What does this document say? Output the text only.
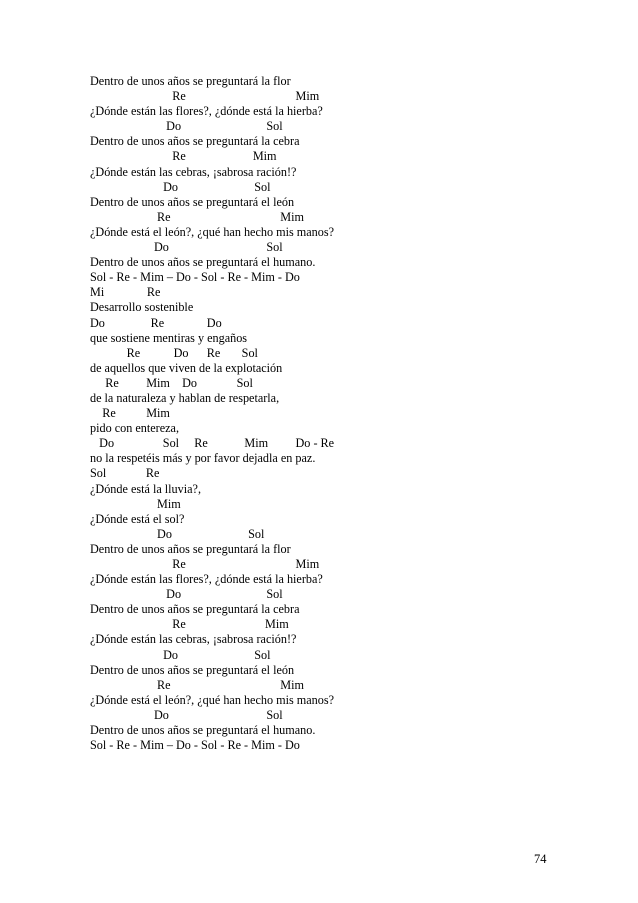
Dentro de unos años se preguntará la flor
Re                                    Mim
¿Dónde están las flores?, ¿dónde está la hierba?
Do                            Sol
Dentro de unos años se preguntará la cebra
Re                      Mim
¿Dónde están las cebras, ¡sabrosa ración!?
Do                         Sol
Dentro de unos años se preguntará el león
Re                                    Mim
¿Dónde está el león?, ¿qué han hecho mis manos?
Do                                Sol
Dentro de unos años se preguntará el humano.
Sol - Re - Mim – Do - Sol - Re - Mim - Do
Mi              Re
Desarrollo sostenible
Do               Re              Do
que sostiene mentiras y engaños
Re           Do      Re       Sol
de aquellos que viven de la explotación
Re         Mim    Do             Sol
de la naturaleza y hablan de respetarla,
Re          Mim
pido con entereza,
Do                Sol     Re            Mim         Do - Re
no la respetéis más y por favor dejadla en paz.
Sol             Re
¿Dónde está la lluvia?,
Mim
¿Dónde está el sol?
Do                         Sol
Dentro de unos años se preguntará la flor
Re                                    Mim
¿Dónde están las flores?, ¿dónde está la hierba?
Do                            Sol
Dentro de unos años se preguntará la cebra
Re                          Mim
¿Dónde están las cebras, ¡sabrosa ración!?
Do                         Sol
Dentro de unos años se preguntará el león
Re                                    Mim
¿Dónde está el león?, ¿qué han hecho mis manos?
Do                                Sol
Dentro de unos años se preguntará el humano.
Sol - Re - Mim – Do - Sol - Re - Mim - Do
74
